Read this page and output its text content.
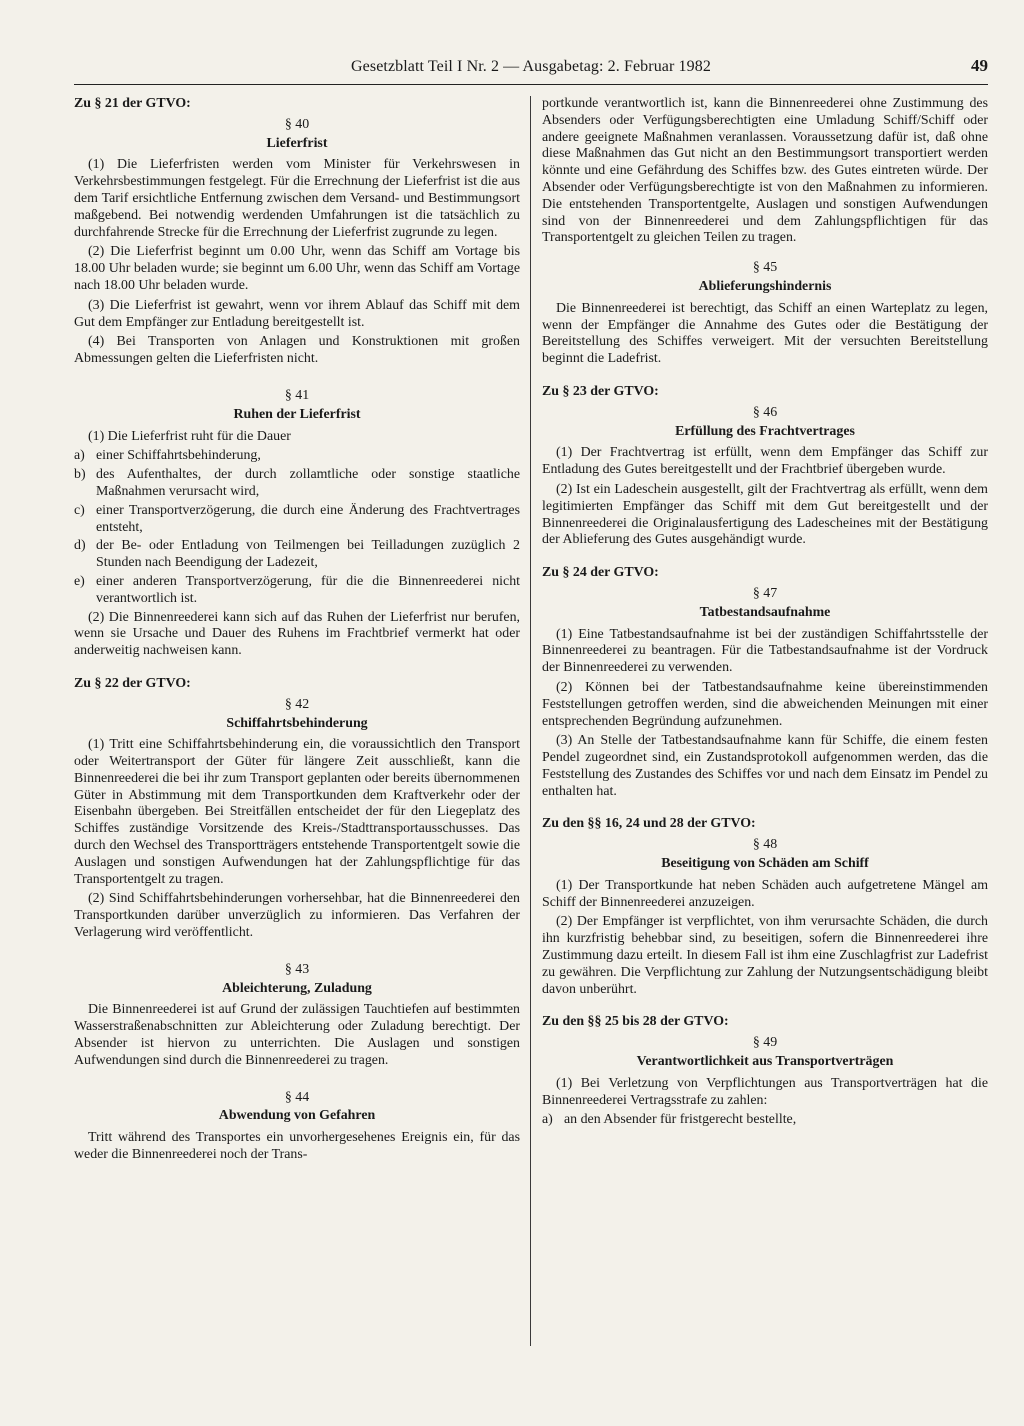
Gesetzblatt Teil I Nr. 2 — Ausgabetag: 2. Februar 1982	49
Zu § 21 der GTVO:
§ 40
Lieferfrist
(1) Die Lieferfristen werden vom Minister für Verkehrswesen in Verkehrsbestimmungen festgelegt. Für die Errechnung der Lieferfrist ist die aus dem Tarif ersichtliche Entfernung zwischen dem Versand- und Bestimmungsort maßgebend. Bei notwendig werdenden Umfahrungen ist die tatsächlich zu durchfahrende Strecke für die Errechnung der Lieferfrist zugrunde zu legen.
(2) Die Lieferfrist beginnt um 0.00 Uhr, wenn das Schiff am Vortage bis 18.00 Uhr beladen wurde; sie beginnt um 6.00 Uhr, wenn das Schiff am Vortage nach 18.00 Uhr beladen wurde.
(3) Die Lieferfrist ist gewahrt, wenn vor ihrem Ablauf das Schiff mit dem Gut dem Empfänger zur Entladung bereitgestellt ist.
(4) Bei Transporten von Anlagen und Konstruktionen mit großen Abmessungen gelten die Lieferfristen nicht.
§ 41
Ruhen der Lieferfrist
(1) Die Lieferfrist ruht für die Dauer
a) einer Schiffahrtsbehinderung,
b) des Aufenthaltes, der durch zollamtliche oder sonstige staatliche Maßnahmen verursacht wird,
c) einer Transportverzögerung, die durch eine Änderung des Frachtvertrages entsteht,
d) der Be- oder Entladung von Teilmengen bei Teilladungen zuzüglich 2 Stunden nach Beendigung der Ladezeit,
e) einer anderen Transportverzögerung, für die die Binnenreederei nicht verantwortlich ist.
(2) Die Binnenreederei kann sich auf das Ruhen der Lieferfrist nur berufen, wenn sie Ursache und Dauer des Ruhens im Frachtbrief vermerkt hat oder anderweitig nachweisen kann.
Zu § 22 der GTVO:
§ 42
Schiffahrtsbehinderung
(1) Tritt eine Schiffahrtsbehinderung ein, die voraussichtlich den Transport oder Weitertransport der Güter für längere Zeit ausschließt, kann die Binnenreederei die bei ihr zum Transport geplanten oder bereits übernommenen Güter in Abstimmung mit dem Transportkunden dem Kraftverkehr oder der Eisenbahn übergeben. Bei Streitfällen entscheidet der für den Liegeplatz des Schiffes zuständige Vorsitzende des Kreis-/Stadttransportausschusses. Das durch den Wechsel des Transportträgers entstehende Transportentgelt sowie die Auslagen und sonstigen Aufwendungen hat der Zahlungspflichtige für das Transportentgelt zu tragen.
(2) Sind Schiffahrtsbehinderungen vorhersehbar, hat die Binnenreederei den Transportkunden darüber unverzüglich zu informieren. Das Verfahren der Verlagerung wird veröffentlicht.
§ 43
Ableichterung, Zuladung
Die Binnenreederei ist auf Grund der zulässigen Tauchtiefen auf bestimmten Wasserstraßenabschnitten zur Ableichterung oder Zuladung berechtigt. Der Absender ist hiervon zu unterrichten. Die Auslagen und sonstigen Aufwendungen sind durch die Binnenreederei zu tragen.
§ 44
Abwendung von Gefahren
Tritt während des Transportes ein unvorhergesehenes Ereignis ein, für das weder die Binnenreederei noch der Trans-
portkunde verantwortlich ist, kann die Binnenreederei ohne Zustimmung des Absenders oder Verfügungsberechtigten eine Umladung Schiff/Schiff oder andere geeignete Maßnahmen veranlassen. Voraussetzung dafür ist, daß ohne diese Maßnahmen das Gut nicht an den Bestimmungsort transportiert werden könnte und eine Gefährdung des Schiffes bzw. des Gutes eintreten würde. Der Absender oder Verfügungsberechtigte ist von den Maßnahmen zu informieren. Die entstehenden Transportentgelte, Auslagen und sonstigen Aufwendungen sind von der Binnenreederei und dem Zahlungspflichtigen für das Transportentgelt zu gleichen Teilen zu tragen.
§ 45
Ablieferungshindernis
Die Binnenreederei ist berechtigt, das Schiff an einen Warteplatz zu legen, wenn der Empfänger die Annahme des Gutes oder die Bestätigung der Bereitstellung des Schiffes verweigert. Mit der versuchten Bereitstellung beginnt die Ladefrist.
Zu § 23 der GTVO:
§ 46
Erfüllung des Frachtvertrages
(1) Der Frachtvertrag ist erfüllt, wenn dem Empfänger das Schiff zur Entladung des Gutes bereitgestellt und der Frachtbrief übergeben wurde.
(2) Ist ein Ladeschein ausgestellt, gilt der Frachtvertrag als erfüllt, wenn dem legitimierten Empfänger das Schiff mit dem Gut bereitgestellt und der Binnenreederei die Originalausfertigung des Ladescheines mit der Bestätigung der Ablieferung des Gutes ausgehändigt wurde.
Zu § 24 der GTVO:
§ 47
Tatbestandsaufnahme
(1) Eine Tatbestandsaufnahme ist bei der zuständigen Schiffahrtsstelle der Binnenreederei zu beantragen. Für die Tatbestandsaufnahme ist der Vordruck der Binnenreederei zu verwenden.
(2) Können bei der Tatbestandsaufnahme keine übereinstimmenden Feststellungen getroffen werden, sind die abweichenden Meinungen mit einer entsprechenden Begründung aufzunehmen.
(3) An Stelle der Tatbestandsaufnahme kann für Schiffe, die einem festen Pendel zugeordnet sind, ein Zustandsprotokoll aufgenommen werden, das die Feststellung des Zustandes des Schiffes vor und nach dem Einsatz im Pendel zu enthalten hat.
Zu den §§ 16, 24 und 28 der GTVO:
§ 48
Beseitigung von Schäden am Schiff
(1) Der Transportkunde hat neben Schäden auch aufgetretene Mängel am Schiff der Binnenreederei anzuzeigen.
(2) Der Empfänger ist verpflichtet, von ihm verursachte Schäden, die durch ihn kurzfristig behebbar sind, zu beseitigen, sofern die Binnenreederei ihre Zustimmung dazu erteilt. In diesem Fall ist ihm eine Zuschlagfrist zur Ladefrist zu gewähren. Die Verpflichtung zur Zahlung der Nutzungsentschädigung bleibt davon unberührt.
Zu den §§ 25 bis 28 der GTVO:
§ 49
Verantwortlichkeit aus Transportverträgen
(1) Bei Verletzung von Verpflichtungen aus Transportverträgen hat die Binnenreederei Vertragsstrafe zu zahlen:
a) an den Absender für fristgerecht bestellte,
